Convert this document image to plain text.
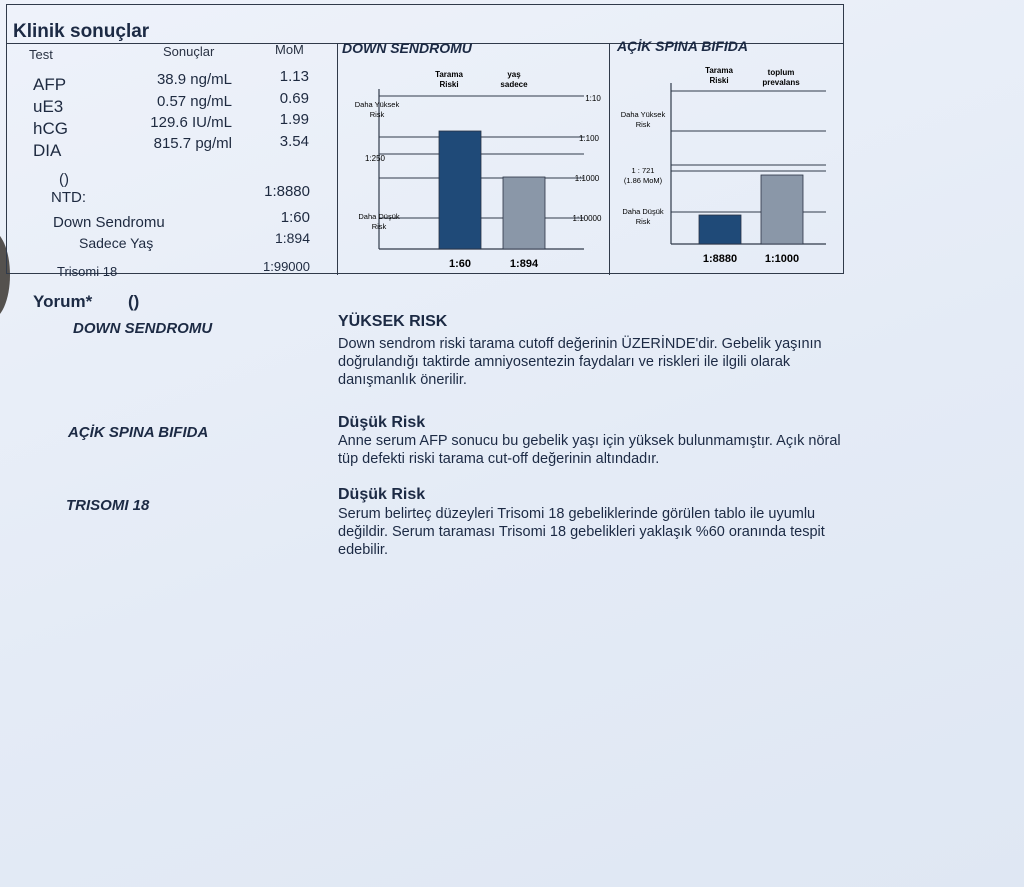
Klinik sonuçlar
Test	Sonuçlar	MoM
AFP	38.9 ng/mL	1.13
uE3	0.57 ng/mL	0.69
hCG	129.6 IU/mL	1.99
DIA	815.7 pg/ml	3.54
()
NTD:	1:8880
Down Sendromu	1:60
Sadece Yaş	1:894
Trisomi 18	1:99000
DOWN SENDROMU
Tarama
Riski
yaş
sadece
1:10
1:100
1:250
1:1000
1:10000
Daha Yüksek
Risk
Daha Düşük
Risk
1:60	1:894
AÇİK SPINA BIFIDA
Tarama
Riski
toplum
prevalans
Daha Yüksek
Risk
1 : 721
(1.86 MoM)
Daha Düşük
Risk
1:8880	1:1000
Yorum* ()
DOWN SENDROMU	YÜKSEK RISK
Down sendrom riski tarama cutoff değerinin ÜZERİNDE'dir. Gebelik yaşının doğrulandığı taktirde amniyosentezin faydaları ve riskleri ile ilgili olarak danışmanlık önerilir.
AÇİK SPINA BIFIDA
Düşük Risk
Anne serum AFP sonucu bu gebelik yaşı için yüksek bulunmamıştır. Açık nöral tüp defekti riski tarama cut-off değerinin altındadır.
TRISOMI 18
Düşük Risk
Serum belirteç düzeyleri Trisomi 18 gebeliklerinde görülen tablo ile uyumlu değildir. Serum taraması Trisomi 18 gebelikleri yaklaşık %60 oranında tespit edebilir.
